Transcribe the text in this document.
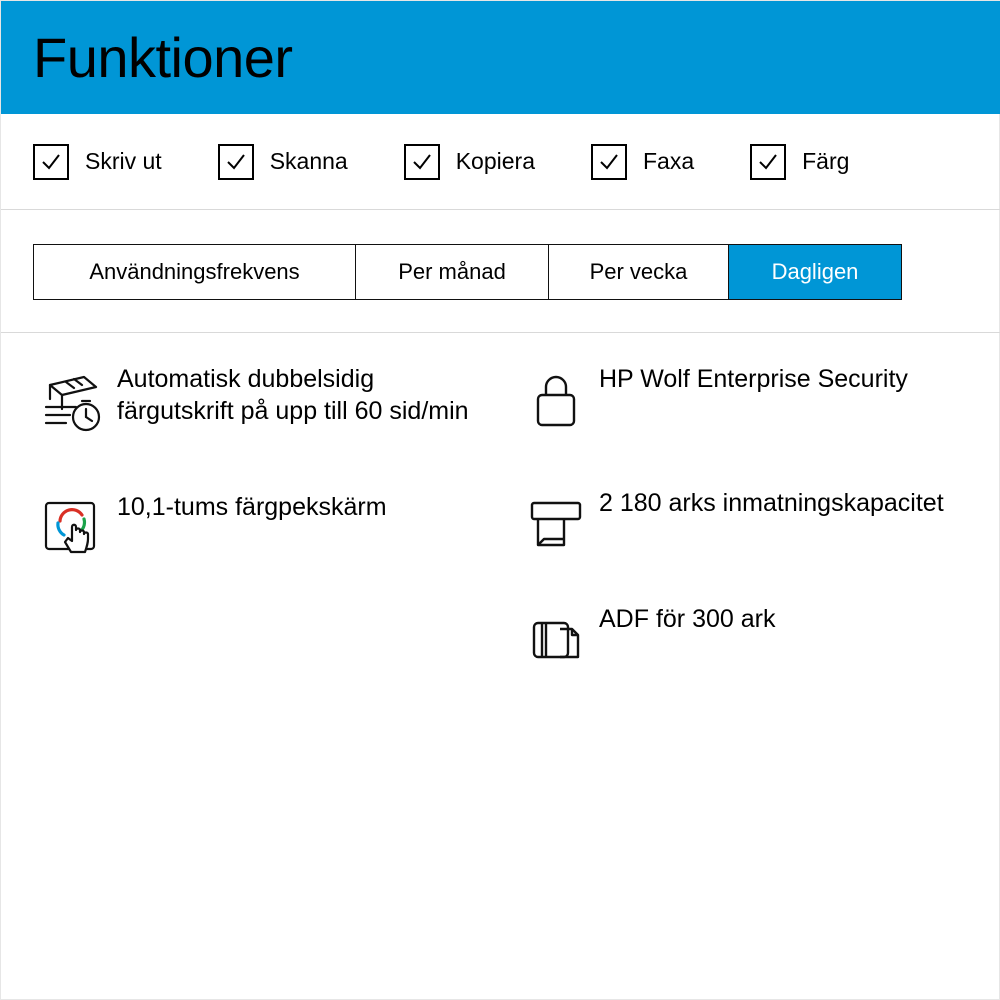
Funktioner
Skriv ut	Skanna	Kopiera	Faxa	Färg
Användningsfrekvens	Per månad	Per vecka	Dagligen
Automatisk dubbelsidig färgutskrift på upp till 60 sid/min
10,1-tums färgpekskärm
HP Wolf Enterprise Security
2 180 arks inmatningskapacitet
ADF för 300 ark
